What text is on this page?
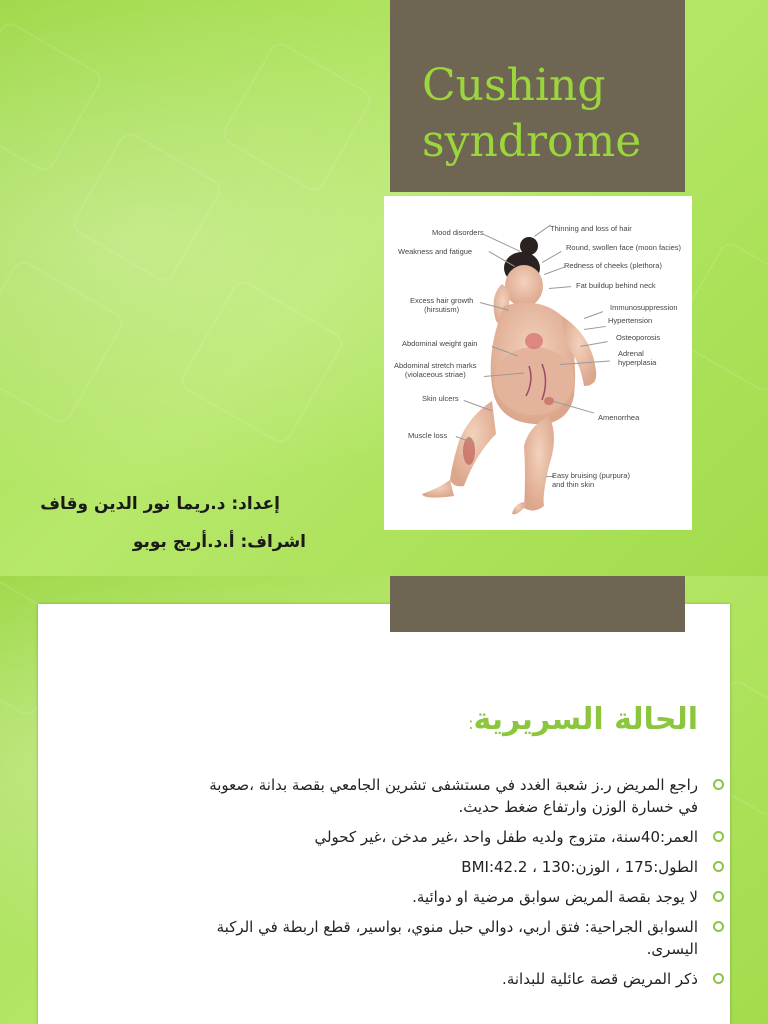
Cushing
syndrome
Mood disorders
Weakness and fatigue
Excess hair growth
(hirsutism)
Abdominal weight gain
Abdominal stretch marks
(violaceous striae)
Skin ulcers
Muscle loss
Thinning and loss of hair
Round, swollen face (moon facies)
Redness of cheeks (plethora)
Fat buildup behind neck
Immunosuppression
Hypertension
Osteoporosis
Adrenal
hyperplasia
Amenorrhea
Easy bruising (purpura)
and thin skin
إعداد: د.ريما نور الدين وقاف
اشراف: أ.د.أريج بوبو
الحالة السريرية:
راجع المريض ر.ز شعبة الغدد في مستشفى تشرين الجامعي بقصة بدانة ،صعوبة في خسارة الوزن وارتفاع ضغط حديث.
العمر:40سنة، متزوج ولديه طفل واحد ،غير مدخن ،غير كحولي
الطول:175 ، الوزن:130 ، BMI:42.2
لا يوجد بقصة المريض سوابق مرضية او دوائية.
السوابق الجراحية: فتق اربي، دوالي حبل منوي، بواسير، قطع اربطة في الركبة اليسرى.
ذكر المريض قصة عائلية للبدانة.
